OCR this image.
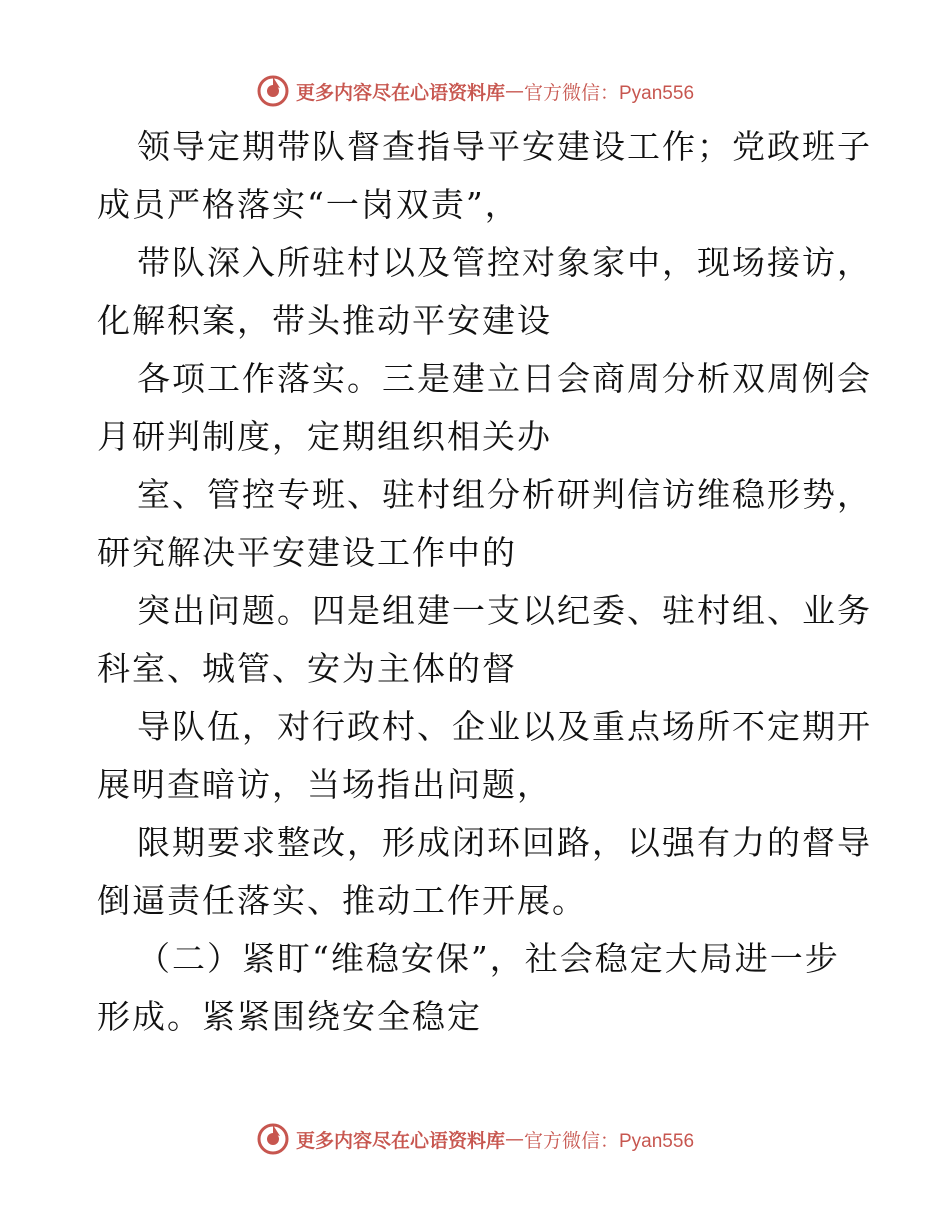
更多内容尽在心语资料库 — 官方微信：Pyan556
领导定期带队督查指导平安建设工作；党政班子
成员严格落实“一岗双责”，
带队深入所驻村以及管控对象家中，现场接访，
化解积案，带头推动平安建设
各项工作落实。三是建立日会商周分析双周例会
月研判制度，定期组织相关办
室、管控专班、驻村组分析研判信访维稳形势，
研究解决平安建设工作中的
突出问题。四是组建一支以纪委、驻村组、业务
科室、城管、安为主体的督
导队伍，对行政村、企业以及重点场所不定期开
展明查暗访，当场指出问题，
限期要求整改，形成闭环回路，以强有力的督导
倒逼责任落实、推动工作开展。
（二）紧盯“维稳安保”，社会稳定大局进一步
形成。紧紧围绕安全稳定
更多内容尽在心语资料库 — 官方微信：Pyan556
